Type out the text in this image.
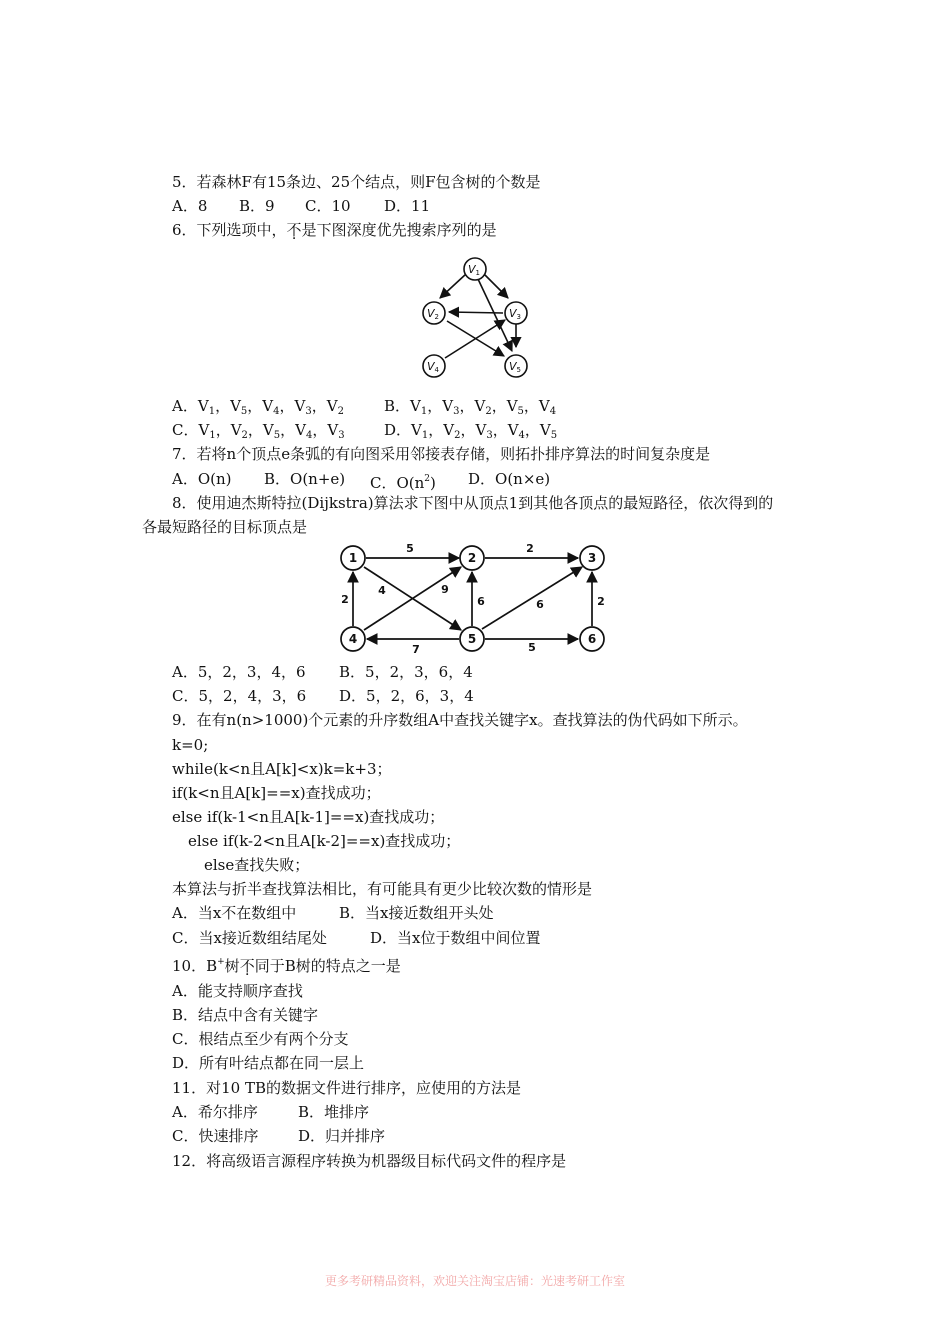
5．若森林F有15条边、25个结点，则F包含树的个数是
A．8 B．9 C．10 D．11
6．下列选项中，不是下图深度优先搜索序列的是
V1
V2	V3
V4	V5
A．$V_1$，$V_5$，$V_4$，$V_3$，$V_2$	B．$V_1$，$V_3$，$V_2$，$V_5$，$V_4$
C．$V_1$，$V_2$，$V_5$，$V_4$，$V_3$	D．$V_1$，$V_2$，$V_3$，$V_4$，$V_5$
7．若将n个顶点e条弧的有向图采用邻接表存储，则拓扑排序算法的时间复杂度是
A．O(n) B．O(n+e) C．$O(n^2)$ D．O(n×e)
8．使用迪杰斯特拉(Dijkstra)算法求下图中从顶点1到其他各顶点的最短路径，依次得到的
各最短路径的目标顶点是
1	2	3
4	5	6
5	2
2
4	9
6	6	2
7	5
A．5，2，3，4，6 B．5，2，3，6，4
C．5，2，4，3，6 D．5，2，6，3，4
9．在有n(n>1000)个元素的升序数组A中查找关键字x。查找算法的伪代码如下所示。
k=0;
while(k<n且A[k]<x)k=k+3；
if(k<n且A[k]==x)查找成功；
else if(k-1<n且A[k-1]==x)查找成功；
else if(k-2<n且A[k-2]==x)查找成功；
else查找失败；
本算法与折半查找算法相比，有可能具有更少比较次数的情形是
A．当x不在数组中	B．当x接近数组开头处
C．当x接近数组结尾处	D．当x位于数组中间位置
10．B+树不同于B树的特点之一是
A．能支持顺序查找
B．结点中含有关键字
C．根结点至少有两个分支
D．所有叶结点都在同一层上
11．对10 TB的数据文件进行排序，应使用的方法是
A．希尔排序	B．堆排序
C．快速排序	D．归并排序
12．将高级语言源程序转换为机器级目标代码文件的程序是
更多考研精品资料，欢迎关注淘宝店铺：光速考研工作室
